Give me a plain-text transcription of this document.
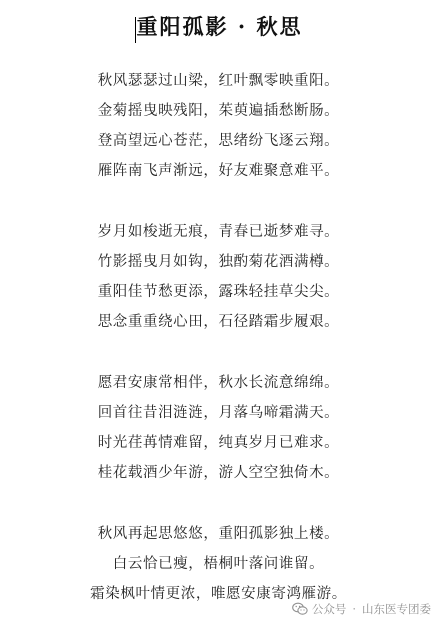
重阳孤影 · 秋思
秋风瑟瑟过山梁，红叶飘零映重阳。
金菊摇曳映残阳，茱萸遍插愁断肠。
登高望远心苍茫，思绪纷飞逐云翔。
雁阵南飞声渐远，好友难聚意难平。
岁月如梭逝无痕，青春已逝梦难寻。
竹影摇曳月如钩，独酌菊花酒满樽。
重阳佳节愁更添，露珠轻挂草尖尖。
思念重重绕心田，石径踏霜步履艰。
愿君安康常相伴，秋水长流意绵绵。
回首往昔泪涟涟，月落乌啼霜满天。
时光荏苒情难留，纯真岁月已难求。
桂花载酒少年游，游人空空独倚木。
秋风再起思悠悠，重阳孤影独上楼。
白云恰已瘦，梧桐叶落问谁留。
霜染枫叶情更浓，唯愿安康寄鸿雁游。
公众号 · 山东医专团委
